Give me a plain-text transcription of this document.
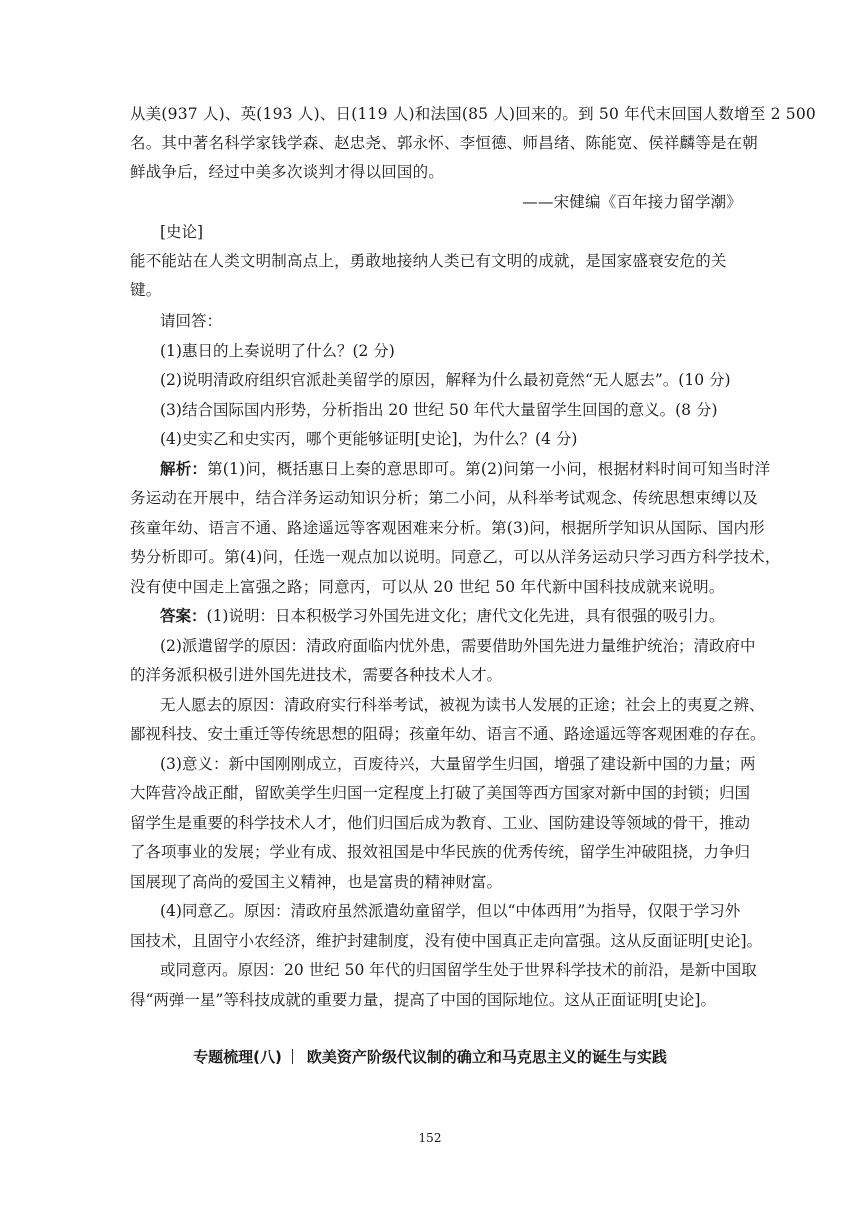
从美(937 人)、英(193 人)、日(119 人)和法国(85 人)回来的。到 50 年代末回国人数增至 2 500
名。其中著名科学家钱学森、赵忠尧、郭永怀、李恒德、师昌绪、陈能宽、侯祥麟等是在朝
鲜战争后，经过中美多次谈判才得以回国的。
——宋健编《百年接力留学潮》
[史论]
能不能站在人类文明制高点上，勇敢地接纳人类已有文明的成就，是国家盛衰安危的关
键。
请回答：
(1)惠日的上奏说明了什么？(2 分)
(2)说明清政府组织官派赴美留学的原因，解释为什么最初竟然“无人愿去”。(10 分)
(3)结合国际国内形势，分析指出 20 世纪 50 年代大量留学生回国的意义。(8 分)
(4)史实乙和史实丙，哪个更能够证明[史论]，为什么？(4 分)
解析：第(1)问，概括惠日上奏的意思即可。第(2)问第一小问，根据材料时间可知当时洋
务运动在开展中，结合洋务运动知识分析；第二小问，从科举考试观念、传统思想束缚以及
孩童年幼、语言不通、路途遥远等客观困难来分析。第(3)问，根据所学知识从国际、国内形
势分析即可。第(4)问，任选一观点加以说明。同意乙，可以从洋务运动只学习西方科学技术，
没有使中国走上富强之路；同意丙，可以从 20 世纪 50 年代新中国科技成就来说明。
答案：(1)说明：日本积极学习外国先进文化；唐代文化先进，具有很强的吸引力。
(2)派遣留学的原因：清政府面临内忧外患，需要借助外国先进力量维护统治；清政府中
的洋务派积极引进外国先进技术，需要各种技术人才。
无人愿去的原因：清政府实行科举考试，被视为读书人发展的正途；社会上的夷夏之辨、
鄙视科技、安土重迁等传统思想的阻碍；孩童年幼、语言不通、路途遥远等客观困难的存在。
(3)意义：新中国刚刚成立，百废待兴，大量留学生归国，增强了建设新中国的力量；两
大阵营冷战正酣，留欧美学生归国一定程度上打破了美国等西方国家对新中国的封锁；归国
留学生是重要的科学技术人才，他们归国后成为教育、工业、国防建设等领域的骨干，推动
了各项事业的发展；学业有成、报效祖国是中华民族的优秀传统，留学生冲破阻挠，力争归
国展现了高尚的爱国主义精神，也是富贵的精神财富。
(4)同意乙。原因：清政府虽然派遣幼童留学，但以“中体西用”为指导，仅限于学习外
国技术，且固守小农经济，维护封建制度，没有使中国真正走向富强。这从反面证明[史论]。
或同意丙。原因：20 世纪 50 年代的归国留学生处于世界科学技术的前沿，是新中国取
得“两弹一星”等科技成就的重要力量，提高了中国的国际地位。这从正面证明[史论]。
专题梳理(八) 欧美资产阶级代议制的确立和马克思主义的诞生与实践
152
